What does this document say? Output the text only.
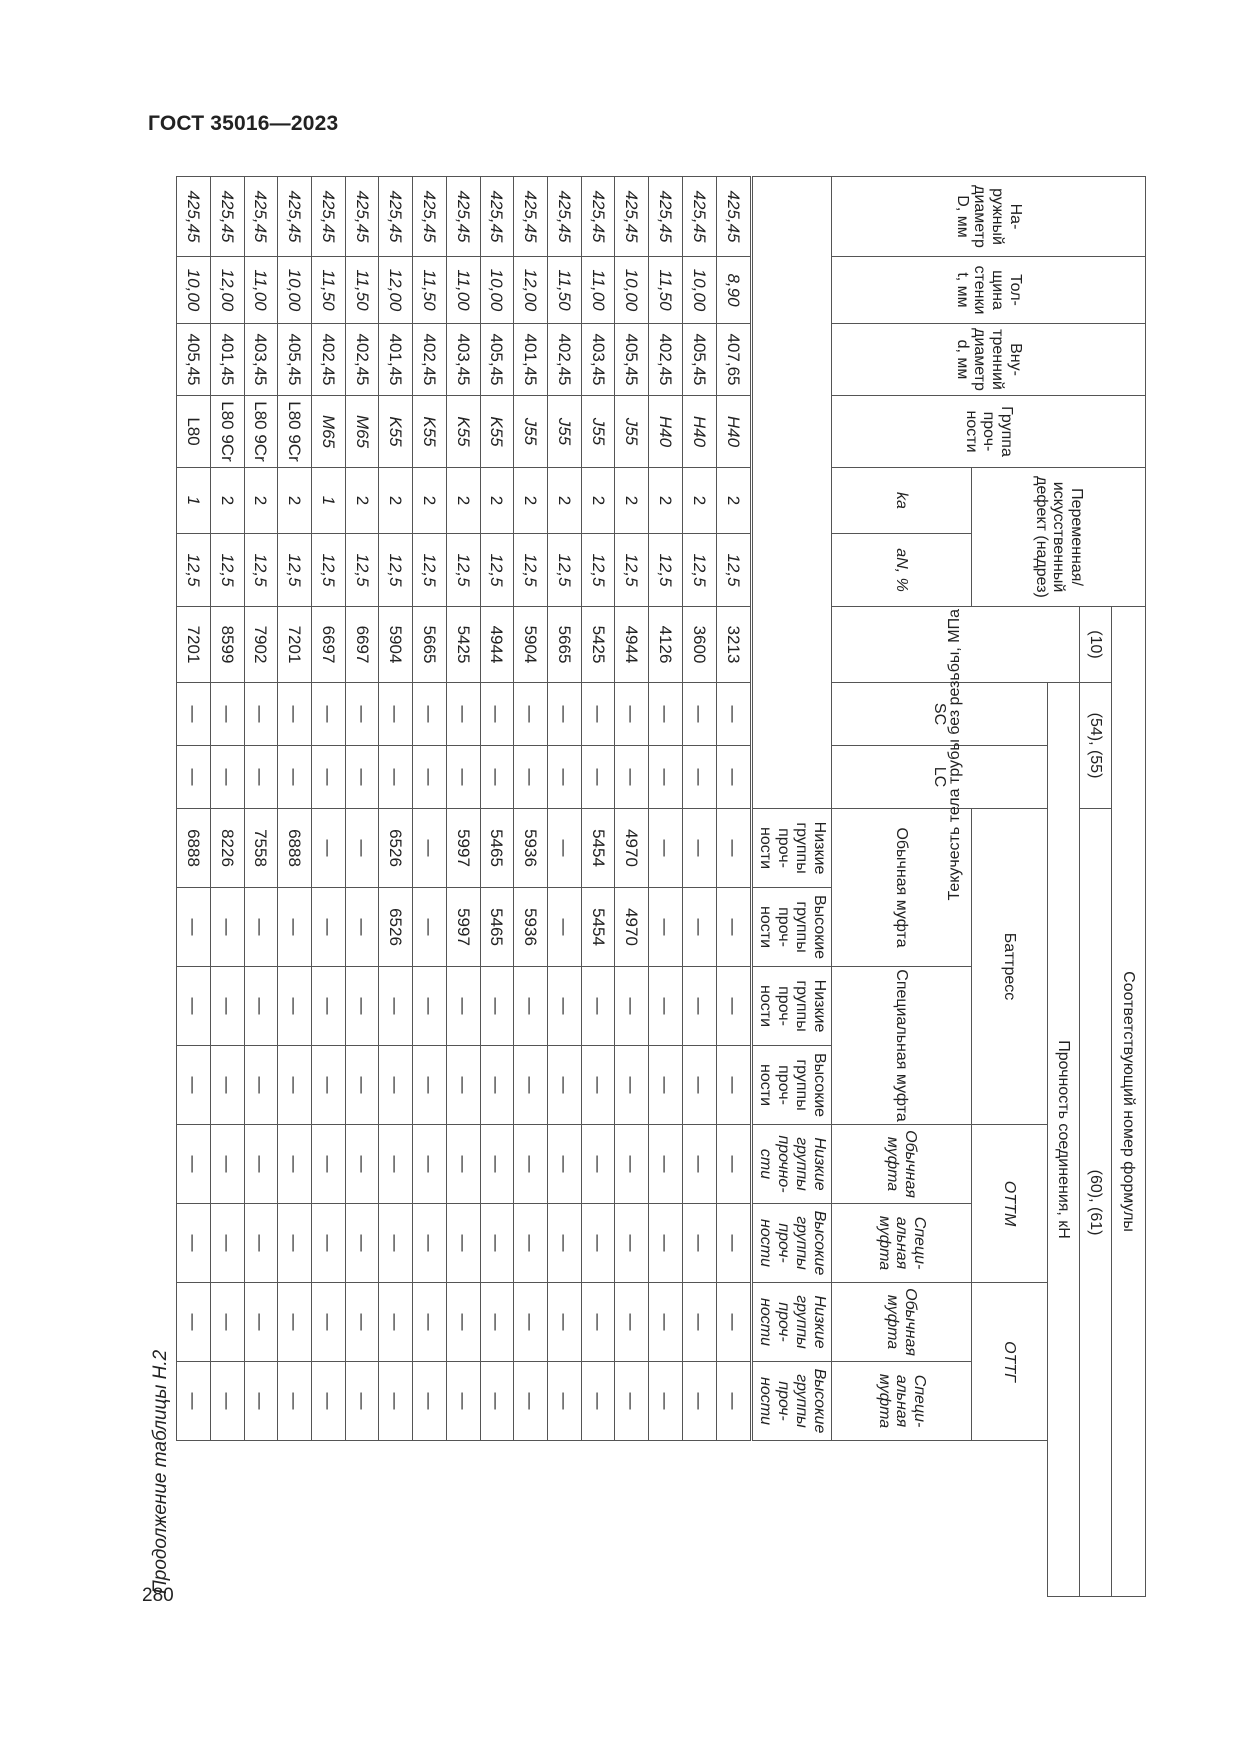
ГОСТ 35016—2023
280
Продолжение таблицы Н.2
На-ружный диаметр D, мм	Тол-щина стенки t, мм	Вну-тренний диаметр d, мм	Группа проч-ности	Переменная/ искусственный дефект (надрез)		Соответствующий номер формулы										
						(10)	(54), (55)		(60), (61)							
						Текучесть тела трубы без резьбы, МПа	Прочность соединения, кН									
							SC	LC	Баттресс				ОТТМ		ОТТГ	
				ka	aN, %				Обычная муфта		Специальная муфта		Обычная муфта	Специ-альная муфта	Обычная муфта	Специ-альная муфта
									Низкие группы проч-ности	Высокие группы проч-ности	Низкие группы проч-ности	Высокие группы проч-ности	Низкие группы прочно-сти	Высокие группы проч-ности	Низкие группы проч-ности	Высокие группы проч-ности
425,45	8,90	407,65	Н40	2	12,5	3213	—	—	—	—	—	—	—	—	—	—
425,45	10,00	405,45	Н40	2	12,5	3600	—	—	—	—	—	—	—	—	—	—
425,45	11,50	402,45	Н40	2	12,5	4126	—	—	—	—	—	—	—	—	—	—
425,45	10,00	405,45	J55	2	12,5	4944	—	—	4970	4970	—	—	—	—	—	—
425,45	11,00	403,45	J55	2	12,5	5425	—	—	5454	5454	—	—	—	—	—	—
425,45	11,50	402,45	J55	2	12,5	5665	—	—	—	—	—	—	—	—	—	—
425,45	12,00	401,45	J55	2	12,5	5904	—	—	5936	5936	—	—	—	—	—	—
425,45	10,00	405,45	K55	2	12,5	4944	—	—	5465	5465	—	—	—	—	—	—
425,45	11,00	403,45	K55	2	12,5	5425	—	—	5997	5997	—	—	—	—	—	—
425,45	11,50	402,45	K55	2	12,5	5665	—	—	—	—	—	—	—	—	—	—
425,45	12,00	401,45	K55	2	12,5	5904	—	—	6526	6526	—	—	—	—	—	—
425,45	11,50	402,45	M65	2	12,5	6697	—	—	—	—	—	—	—	—	—	—
425,45	11,50	402,45	M65	1	12,5	6697	—	—	—	—	—	—	—	—	—	—
425,45	10,00	405,45	L80 9Cr	2	12,5	7201	—	—	6888	—	—	—	—	—	—	—
425,45	11,00	403,45	L80 9Cr	2	12,5	7902	—	—	7558	—	—	—	—	—	—	—
425,45	12,00	401,45	L80 9Cr	2	12,5	8599	—	—	8226	—	—	—	—	—	—	—
425,45	10,00	405,45	L80	1	12,5	7201	—	—	6888	—	—	—	—	—	—	—
